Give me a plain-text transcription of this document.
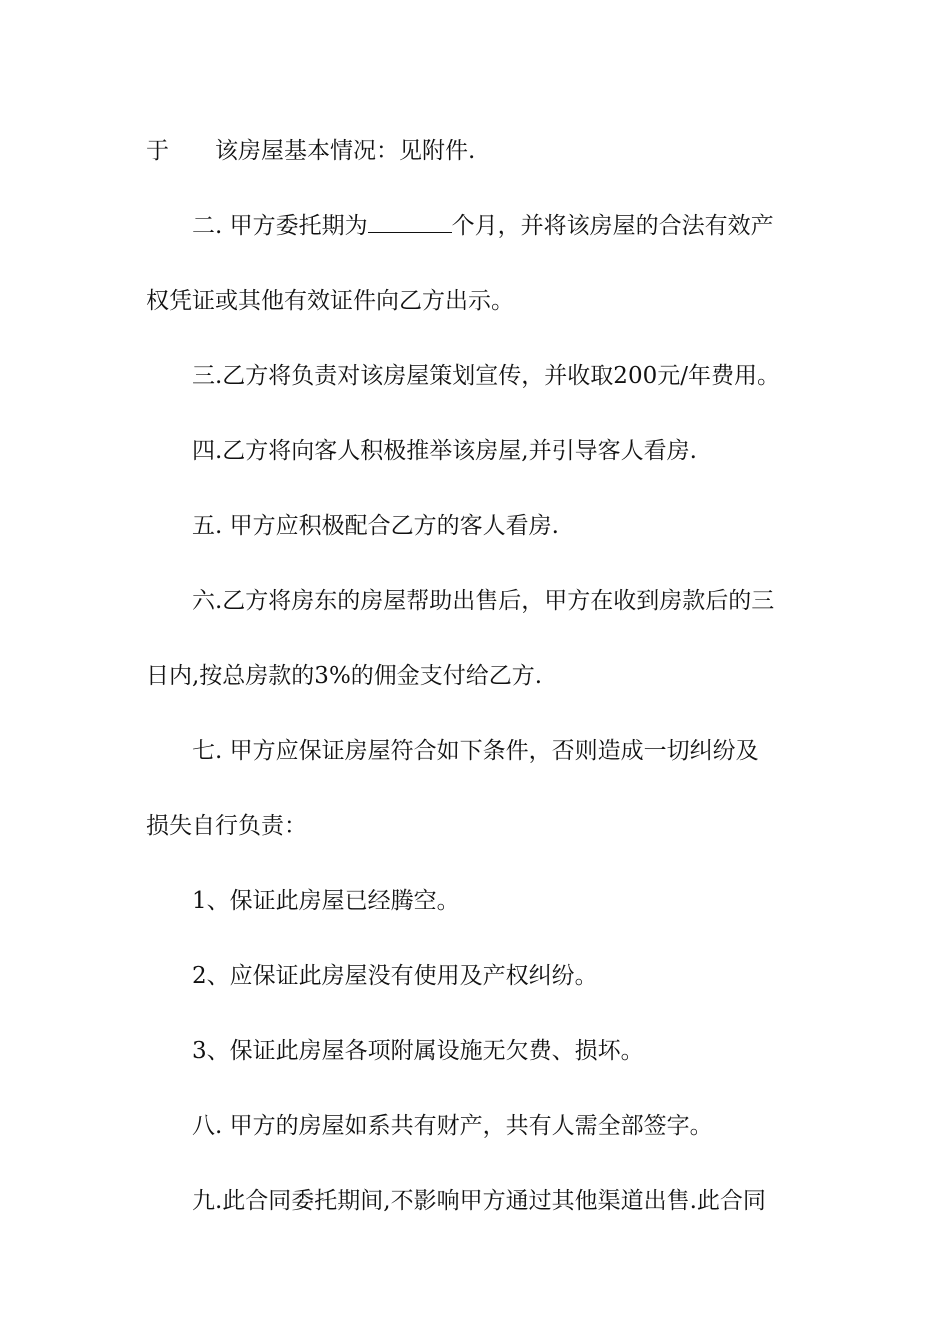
于 该房屋基本情况：见附件.
二. 甲方委托期为	个月，并将该房屋的合法有效产
权凭证或其他有效证件向乙方出示。
三.乙方将负责对该房屋策划宣传，并收取200元/年费用。
四.乙方将向客人积极推举该房屋,并引导客人看房.
五. 甲方应积极配合乙方的客人看房.
六.乙方将房东的房屋帮助出售后，甲方在收到房款后的三
日内,按总房款的3%的佣金支付给乙方.
七. 甲方应保证房屋符合如下条件，否则造成一切纠纷及
损失自行负责：
1、保证此房屋已经腾空。
2、应保证此房屋没有使用及产权纠纷。
3、保证此房屋各项附属设施无欠费、损坏。
八. 甲方的房屋如系共有财产，共有人需全部签字。
九.此合同委托期间,不影响甲方通过其他渠道出售.此合同
